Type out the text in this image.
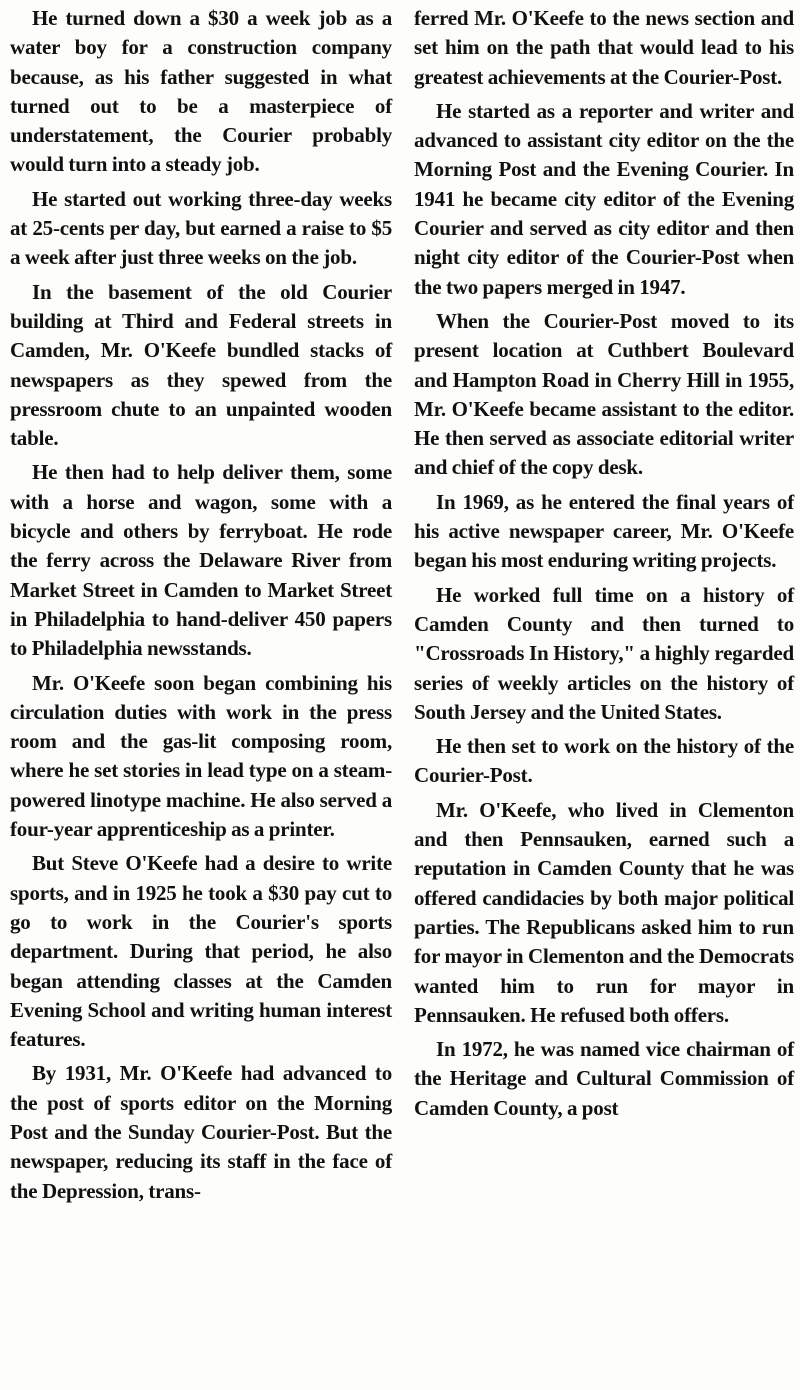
He turned down a $30 a week job as a water boy for a construction company because, as his father suggested in what turned out to be a masterpiece of understatement, the Courier probably would turn into a steady job.

He started out working three-day weeks at 25-cents per day, but earned a raise to $5 a week after just three weeks on the job.

In the basement of the old Courier building at Third and Federal streets in Camden, Mr. O'Keefe bundled stacks of newspapers as they spewed from the pressroom chute to an unpainted wooden table.

He then had to help deliver them, some with a horse and wagon, some with a bicycle and others by ferryboat. He rode the ferry across the Delaware River from Market Street in Camden to Market Street in Philadelphia to hand-deliver 450 papers to Philadelphia newsstands.

Mr. O'Keefe soon began combining his circulation duties with work in the press room and the gas-lit composing room, where he set stories in lead type on a steam-powered linotype machine. He also served a four-year apprenticeship as a printer.

But Steve O'Keefe had a desire to write sports, and in 1925 he took a $30 pay cut to go to work in the Courier's sports department. During that period, he also began attending classes at the Camden Evening School and writing human interest features.

By 1931, Mr. O'Keefe had advanced to the post of sports editor on the Morning Post and the Sunday Courier-Post. But the newspaper, reducing its staff in the face of the Depression, trans-

ferred Mr. O'Keefe to the news section and set him on the path that would lead to his greatest achievements at the Courier-Post.

He started as a reporter and writer and advanced to assistant city editor on the the Morning Post and the Evening Courier. In 1941 he became city editor of the Evening Courier and served as city editor and then night city editor of the Courier-Post when the two papers merged in 1947.

When the Courier-Post moved to its present location at Cuthbert Boulevard and Hampton Road in Cherry Hill in 1955, Mr. O'Keefe became assistant to the editor. He then served as associate editorial writer and chief of the copy desk.

In 1969, as he entered the final years of his active newspaper career, Mr. O'Keefe began his most enduring writing projects.

He worked full time on a history of Camden County and then turned to "Crossroads In History," a highly regarded series of weekly articles on the history of South Jersey and the United States.

He then set to work on the history of the Courier-Post.

Mr. O'Keefe, who lived in Clementon and then Pennsauken, earned such a reputation in Camden County that he was offered candidacies by both major political parties. The Republicans asked him to run for mayor in Clementon and the Democrats wanted him to run for mayor in Pennsauken. He refused both offers.

In 1972, he was named vice chairman of the Heritage and Cultural Commission of Camden County, a post
